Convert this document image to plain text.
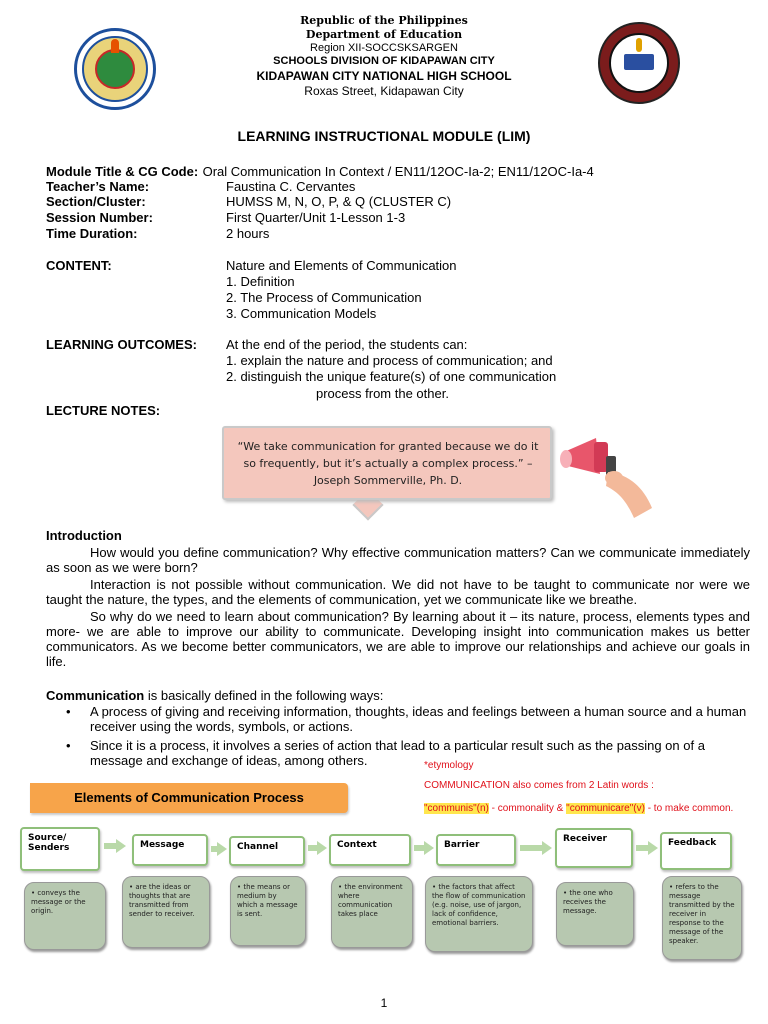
Republic of the Philippines
Department of Education
Region XII-SOCCSKSARGEN
SCHOOLS DIVISION OF KIDAPAWAN CITY
KIDAPAWAN CITY NATIONAL HIGH SCHOOL
Roxas Street, Kidapawan City
LEARNING INSTRUCTIONAL MODULE (LIM)
Module Title & CG Code: Oral Communication In Context / EN11/12OC-Ia-2; EN11/12OC-Ia-4
Teacher’s Name:	Faustina C. Cervantes
Section/Cluster:	HUMSS M, N, O, P, & Q (CLUSTER C)
Session Number:	First Quarter/Unit 1-Lesson 1-3
Time Duration:	2 hours
CONTENT:	Nature and Elements of Communication
1. Definition
2. The Process of Communication
3. Communication Models
LEARNING OUTCOMES: At the end of the period, the students can:
1. explain the nature and process of communication; and
2. distinguish the unique feature(s) of one communication
process from the other.
LECTURE NOTES:
“We take communication for granted because we do it so frequently, but it’s actually a complex process.” – Joseph Sommerville, Ph. D.
Introduction
How would you define communication? Why effective communication matters? Can we communicate immediately as soon as we were born?
Interaction is not possible without communication. We did not have to be taught to communicate nor were we taught the nature, the types, and the elements of communication, yet we communicate like we breathe.
So why do we need to learn about communication? By learning about it – its nature, process, elements types and more- we are able to improve our ability to communicate. Developing insight into communication makes us better communicators. As we become better communicators, we are able to improve our relationships and achieve our goals in life.
Communication is basically defined in the following ways:
• A process of giving and receiving information, thoughts, ideas and feelings between a human source and a human receiver using the words, symbols, or actions.
• Since it is a process, it involves a series of action that lead to a particular result such as the passing on of a message and exchange of ideas, among others.	*etymology
COMMUNICATION also comes from 2 Latin words :
"communis"(n) - commonality & "communicare"(v) - to make common.
Elements of Communication Process
Source/ Senders	Message	Channel	Context	Barrier
Receiver	Feedback
• conveys the message or the origin.
• are the ideas or thoughts that are transmitted from sender to receiver.
• the means or medium by which a message is sent.
• the environment where communication takes place
• the factors that affect the flow of communication (e.g. noise, use of jargon, lack of confidence, emotional barriers.
• the one who receives the message.
• refers to the message transmitted by the receiver in response to the message of the speaker.
1
